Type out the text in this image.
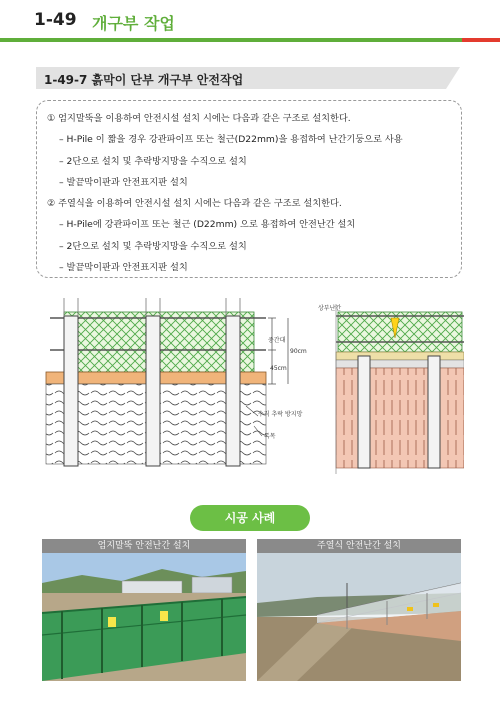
1-49 개구부 작업
1-49-7 흙막이 단부 개구부 안전작업
① 엄지말뚝을 이용하여 안전시설 설치 시에는 다음과 같은 구조로 설치한다.
– H-Pile 이 짧을 경우 강관파이프 또는 철근(D22mm)을 용접하여 난간기둥으로 사용
– 2단으로 설치 및 추락방지망을 수직으로 설치
– 발끝막이판과 안전표지판 설치
② 주열식을 이용하여 안전시설 설치 시에는 다음과 같은 구조로 설치한다.
– H-Pile에 강관파이프 또는 철근 (D22mm) 으로 용접하여 안전난간 설치
– 2단으로 설치 및 추락방지망을 수직으로 설치
– 발끝막이판과 안전표지판 설치
중간대
90cm
45cm
수직 추락 방지망
톡목
상부난간
시공 사례
엄지말뚝 안전난간 설치	주열식 안전난간 설치
